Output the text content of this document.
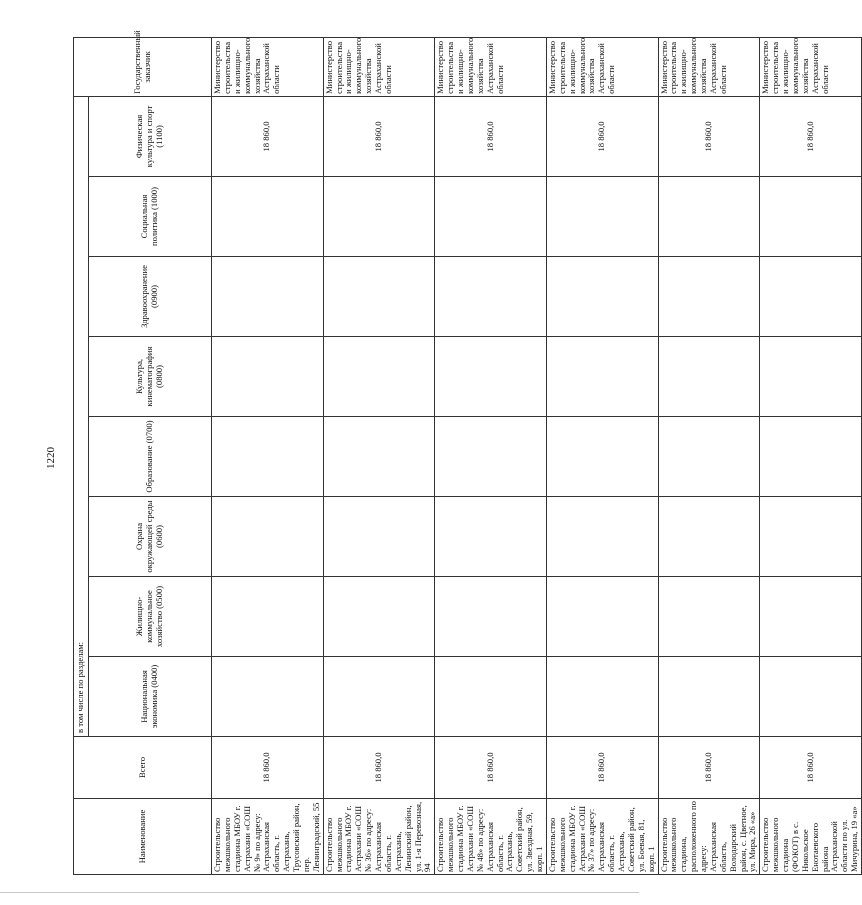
1220
Наименование	Всего	в том числе по разделам:								Государственный заказчик
		Национальная экономика (0400)	Жилищно-коммунальное хозяйство (0500)	Охрана окружающей среды (0600)	Образование (0700)	Культура, кинематография (0800)	Здравоохранение (0900)	Социальная политика (1000)	Физическая культура и спорт (1100)	
Строительство межшкольного стадиона МБОУ г. Астрахани «СОШ № 9» по адресу: Астраханская область, г. Астрахань, Трусовский район, пер. Ленинградский, 55	18 860,0								18 860,0	Министерство строительства и жилищно-коммунального хозяйства Астраханской области
Строительство межшкольного стадиона МБОУ г. Астрахани «СОШ № 36» по адресу: Астраханская область, г. Астрахань, Ленинский район, ул. 1-я Перевозная, 94	18 860,0								18 860,0	Министерство строительства и жилищно-коммунального хозяйства Астраханской области
Строительство межшкольного стадиона МБОУ г. Астрахани «СОШ № 48» по адресу: Астраханская область, г. Астрахань, Советский район, ул. Звездная, 59, корп. 1	18 860,0								18 860,0	Министерство строительства и жилищно-коммунального хозяйства Астраханской области
Строительство межшкольного стадиона МБОУ г. Астрахани «СОШ № 37» по адресу: Астраханская область, г. Астрахань, Советский район, ул. Боевая, 81, корп. 1	18 860,0								18 860,0	Министерство строительства и жилищно-коммунального хозяйства Астраханской области
Строительство межшкольного стадиона, расположенного по адресу: Астраханская область, Володарский район, с. Цветное, ул. Мира, 26 «а»	18 860,0								18 860,0	Министерство строительства и жилищно-коммунального хозяйства Астраханской области
Строительство межшкольного стадиона (ФОКОТ) в с. Никольское Енотаевского района Астраханской области по ул. Мичурина, 19 «а»	18 860,0								18 860,0	Министерство строительства и жилищно-коммунального хозяйства Астраханской области
